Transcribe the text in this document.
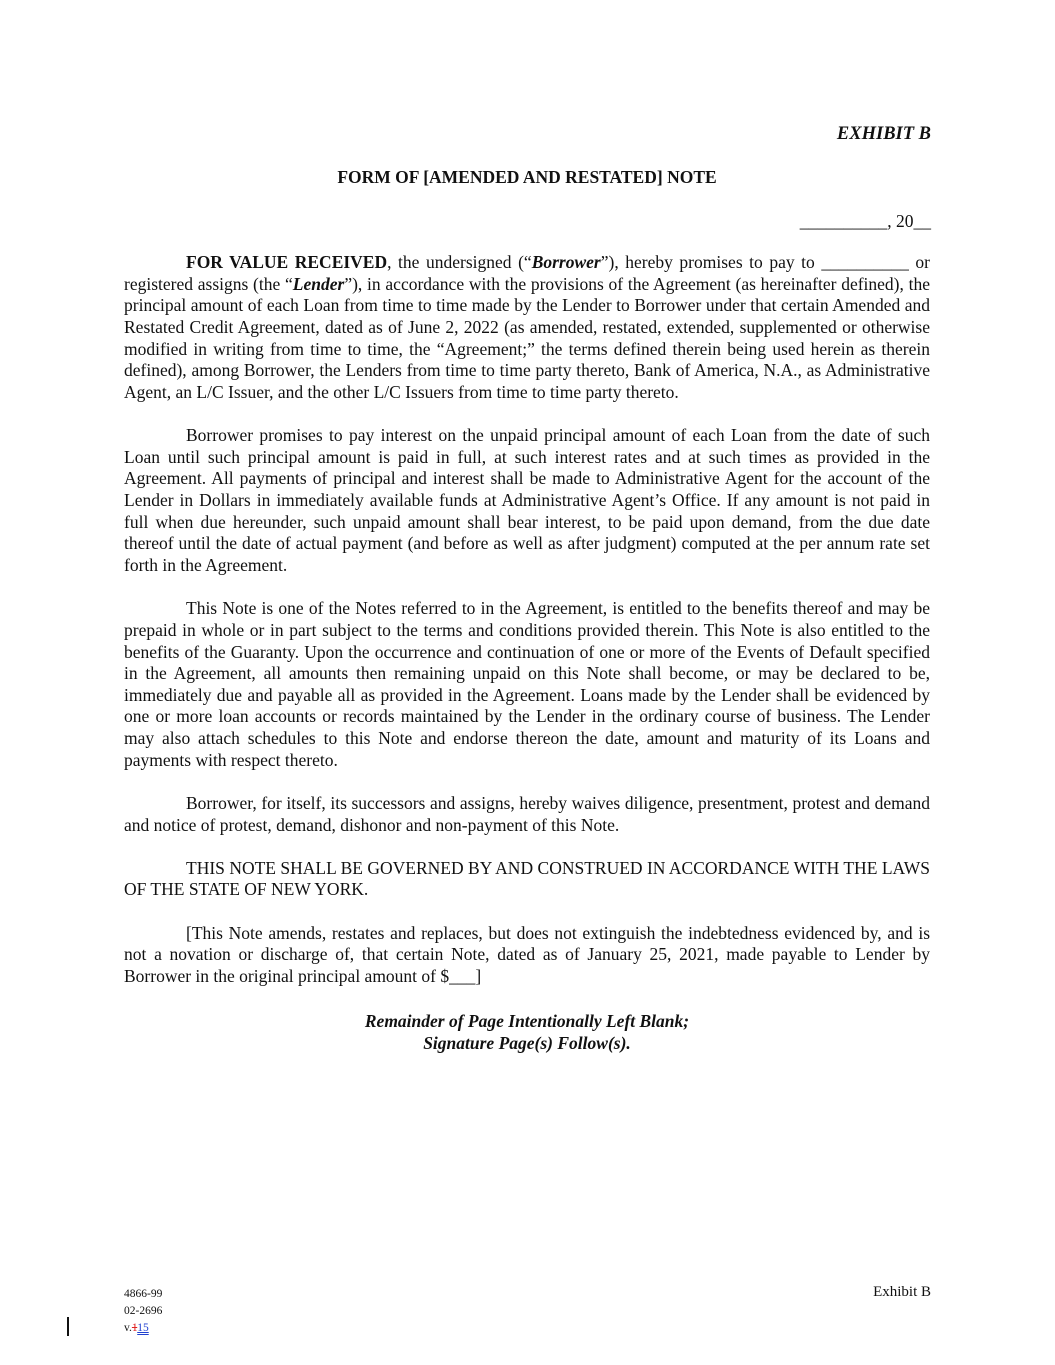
EXHIBIT B

FORM OF [AMENDED AND RESTATED] NOTE

__________, 20__

FOR VALUE RECEIVED, the undersigned (“Borrower”), hereby promises to pay to __________ or registered assigns (the “Lender”), in accordance with the provisions of the Agreement (as hereinafter defined), the principal amount of each Loan from time to time made by the Lender to Borrower under that certain Amended and Restated Credit Agreement, dated as of June 2, 2022 (as amended, restated, extended, supplemented or otherwise modified in writing from time to time, the “Agreement;” the terms defined therein being used herein as therein defined), among Borrower, the Lenders from time to time party thereto, Bank of America, N.A., as Administrative Agent, an L/C Issuer, and the other L/C Issuers from time to time party thereto.

Borrower promises to pay interest on the unpaid principal amount of each Loan from the date of such Loan until such principal amount is paid in full, at such interest rates and at such times as provided in the Agreement. All payments of principal and interest shall be made to Administrative Agent for the account of the Lender in Dollars in immediately available funds at Administrative Agent’s Office. If any amount is not paid in full when due hereunder, such unpaid amount shall bear interest, to be paid upon demand, from the due date thereof until the date of actual payment (and before as well as after judgment) computed at the per annum rate set forth in the Agreement.

This Note is one of the Notes referred to in the Agreement, is entitled to the benefits thereof and may be prepaid in whole or in part subject to the terms and conditions provided therein. This Note is also entitled to the benefits of the Guaranty. Upon the occurrence and continuation of one or more of the Events of Default specified in the Agreement, all amounts then remaining unpaid on this Note shall become, or may be declared to be, immediately due and payable all as provided in the Agreement. Loans made by the Lender shall be evidenced by one or more loan accounts or records maintained by the Lender in the ordinary course of business. The Lender may also attach schedules to this Note and endorse thereon the date, amount and maturity of its Loans and payments with respect thereto.

Borrower, for itself, its successors and assigns, hereby waives diligence, presentment, protest and demand and notice of protest, demand, dishonor and non-payment of this Note.

THIS NOTE SHALL BE GOVERNED BY AND CONSTRUED IN ACCORDANCE WITH THE LAWS OF THE STATE OF NEW YORK.

[This Note amends, restates and replaces, but does not extinguish the indebtedness evidenced by, and is not a novation or discharge of, that certain Note, dated as of January 25, 2021, made payable to Lender by Borrower in the original principal amount of $___]

Remainder of Page Intentionally Left Blank;

Signature Page(s) Follow(s).

4866-99
02-2696
v.115
Exhibit B
